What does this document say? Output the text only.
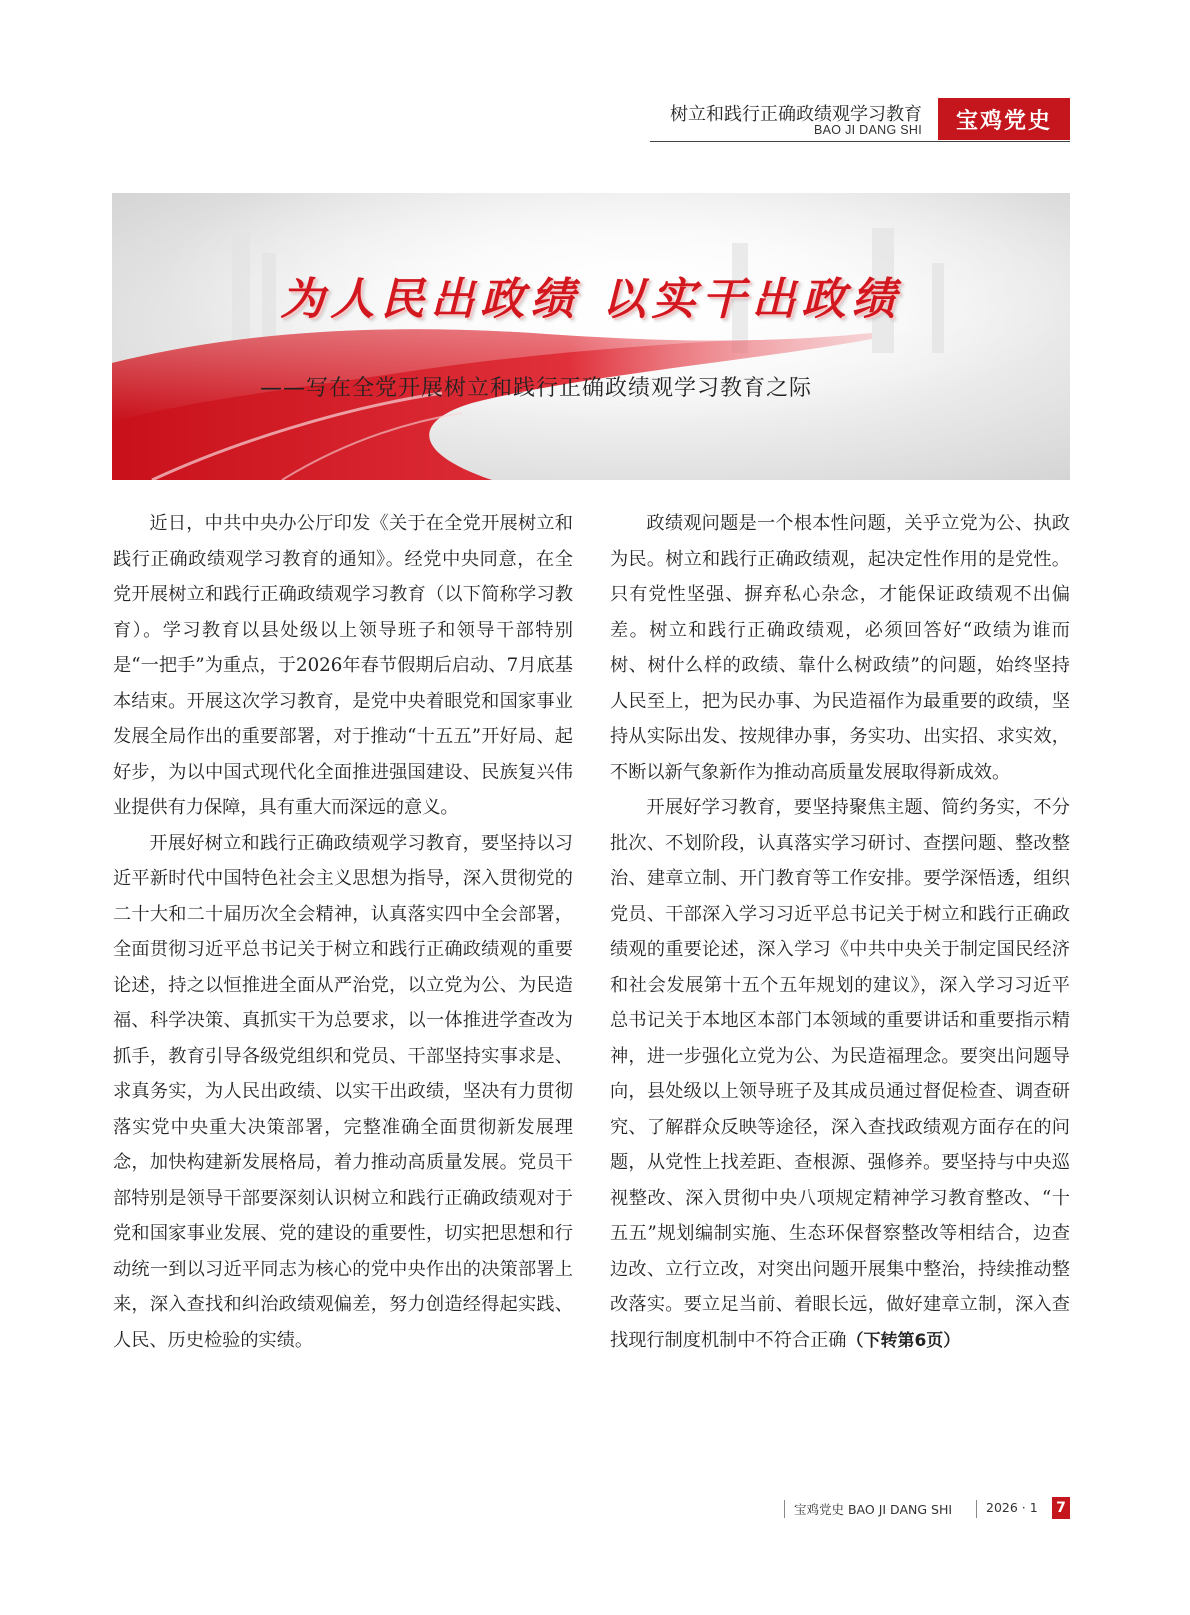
树立和践行正确政绩观学习教育
BAO JI DANG SHI	宝鸡党史
为人民出政绩 以实干出政绩
——写在全党开展树立和践行正确政绩观学习教育之际

近日，中共中央办公厅印发《关于在全党开展树立和践行正确政绩观学习教育的通知》。经党中央同意，在全党开展树立和践行正确政绩观学习教育（以下简称学习教育）。学习教育以县处级以上领导班子和领导干部特别是“一把手”为重点，于2026年春节假期后启动、7月底基本结束。开展这次学习教育，是党中央着眼党和国家事业发展全局作出的重要部署，对于推动“十五五”开好局、起好步，为以中国式现代化全面推进强国建设、民族复兴伟业提供有力保障，具有重大而深远的意义。

开展好树立和践行正确政绩观学习教育，要坚持以习近平新时代中国特色社会主义思想为指导，深入贯彻党的二十大和二十届历次全会精神，认真落实四中全会部署，全面贯彻习近平总书记关于树立和践行正确政绩观的重要论述，持之以恒推进全面从严治党，以立党为公、为民造福、科学决策、真抓实干为总要求，以一体推进学查改为抓手，教育引导各级党组织和党员、干部坚持实事求是、求真务实，为人民出政绩、以实干出政绩，坚决有力贯彻落实党中央重大决策部署，完整准确全面贯彻新发展理念，加快构建新发展格局，着力推动高质量发展。党员干部特别是领导干部要深刻认识树立和践行正确政绩观对于党和国家事业发展、党的建设的重要性，切实把思想和行动统一到以习近平同志为核心的党中央作出的决策部署上来，深入查找和纠治政绩观偏差，努力创造经得起实践、人民、历史检验的实绩。

政绩观问题是一个根本性问题，关乎立党为公、执政为民。树立和践行正确政绩观，起决定性作用的是党性。只有党性坚强、摒弃私心杂念，才能保证政绩观不出偏差。树立和践行正确政绩观，必须回答好“政绩为谁而树、树什么样的政绩、靠什么树政绩”的问题，始终坚持人民至上，把为民办事、为民造福作为最重要的政绩，坚持从实际出发、按规律办事，务实功、出实招、求实效，不断以新气象新作为推动高质量发展取得新成效。

开展好学习教育，要坚持聚焦主题、简约务实，不分批次、不划阶段，认真落实学习研讨、查摆问题、整改整治、建章立制、开门教育等工作安排。要学深悟透，组织党员、干部深入学习习近平总书记关于树立和践行正确政绩观的重要论述，深入学习《中共中央关于制定国民经济和社会发展第十五个五年规划的建议》，深入学习习近平总书记关于本地区本部门本领域的重要讲话和重要指示精神，进一步强化立党为公、为民造福理念。要突出问题导向，县处级以上领导班子及其成员通过督促检查、调查研究、了解群众反映等途径，深入查找政绩观方面存在的问题，从党性上找差距、查根源、强修养。要坚持与中央巡视整改、深入贯彻中央八项规定精神学习教育整改、“十五五”规划编制实施、生态环保督察整改等相结合，边查边改、立行立改，对突出问题开展集中整治，持续推动整改落实。要立足当前、着眼长远，做好建章立制，深入查找现行制度机制中不符合正确（下转第6页）

宝鸡党史 BAO JI DANG SHI	2026 · 1 7
